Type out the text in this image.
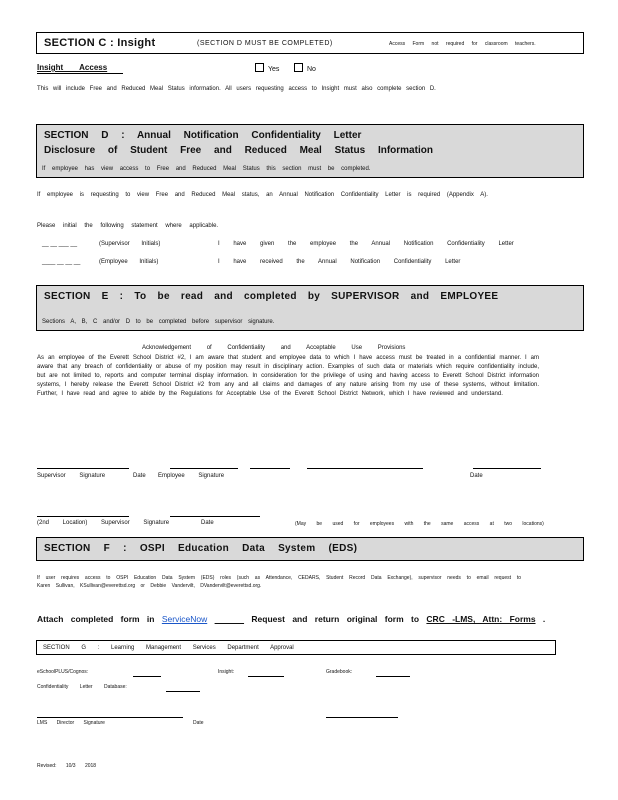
SECTION C : Insight	(SECTION D MUST BE COMPLETED)	Access Form not required for classroom teachers.
Insight Access	Yes	No

This will include Free and Reduced Meal Status information. All users requesting access to Insight must also complete section D.

SECTION D : Annual Notification Confidentiality Letter
Disclosure of Student Free and Reduced Meal Status Information
If employee has view access to Free and Reduced Meal Status this section must be completed.

If employee is requesting to view Free and Reduced Meal status, an Annual Notification Confidentiality Letter is required (Appendix A).

Please initial the following statement where applicable.

__ __ ___ __	(Supervisor Initials)	I have given the employee the Annual Notification Confidentiality Letter
____ __ __ __	(Employee Initials)	I have received the Annual Notification Confidentiality Letter
SECTION E : To be read and completed by SUPERVISOR and EMPLOYEE
Sections A, B, C and/or D to be completed before supervisor signature.
Acknowledgement of Confidentiality and Acceptable Use Provisions

As an employee of the Everett School District #2, I am aware that student and employee data to which I have access must be treated in a confidential manner. I am aware that any breach of confidentiality or abuse of my position may result in disciplinary action. Examples of such data or materials which require confidentiality include, but are not limited to, reports and computer terminal display information. In consideration for the privilege of using and having access to Everett School District information systems, I hereby release the Everett School District #2 from any and all claims and damages of any nature arising from my use of these systems, without limitation. Further, I have read and agree to abide by the Regulations for Acceptable Use of the Everett School District Network, which I have reviewed and understand.

Supervisor Signature	Date Employee Signature	Date
(2nd Location) Supervisor Signature	Date	(May be used for employees with the same access at two locations)
SECTION F : OSPI Education Data System (EDS)

If user requires access to OSPI Education Data System (EDS) roles (such as Attendance, CEDARS, Student Record Data Exchange), supervisor needs to email request to Karen Sullivan, KSullivan@everettsd.org or Debbie Vandervilt, DVandervilt@everettsd.org.

Attach completed form in ServiceNow	Request and return original form to CRC -LMS, Attn: Forms .
SECTION G : Learning Management Services Department Approval
eSchoolPLUS/Cognos:	Insight:	Gradebook:
Confidentiality Letter Database:
LMS Director Signature	Date
Revised: 10/3 2018
